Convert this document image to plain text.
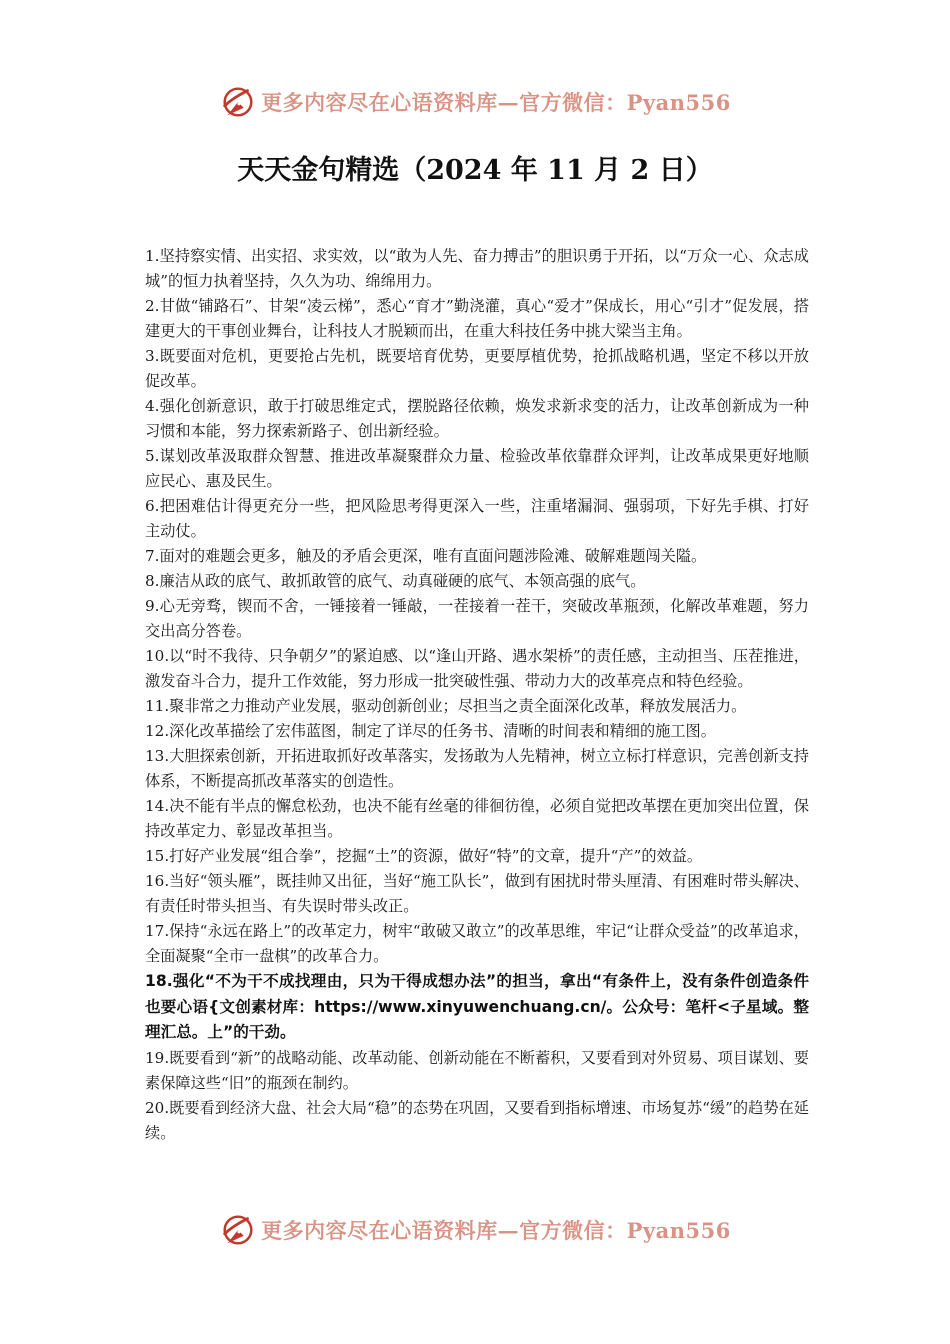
更多内容尽在心语资料库—官方微信：Pyan556
天天金句精选（2024 年 11 月 2 日）
1.坚持察实情、出实招、求实效，以“敢为人先、奋力搏击”的胆识勇于开拓，以“万众一心、众志成城”的恒力执着坚持，久久为功、绵绵用力。
2.甘做“铺路石”、甘架“凌云梯”，悉心“育才”勤浇灌，真心“爱才”保成长，用心“引才”促发展，搭建更大的干事创业舞台，让科技人才脱颖而出，在重大科技任务中挑大梁当主角。
3.既要面对危机，更要抢占先机，既要培育优势，更要厚植优势，抢抓战略机遇，坚定不移以开放促改革。
4.强化创新意识，敢于打破思维定式，摆脱路径依赖，焕发求新求变的活力，让改革创新成为一种习惯和本能，努力探索新路子、创出新经验。
5.谋划改革汲取群众智慧、推进改革凝聚群众力量、检验改革依靠群众评判，让改革成果更好地顺应民心、惠及民生。
6.把困难估计得更充分一些，把风险思考得更深入一些，注重堵漏洞、强弱项，下好先手棋、打好主动仗。
7.面对的难题会更多，触及的矛盾会更深，唯有直面问题涉险滩、破解难题闯关隘。
8.廉洁从政的底气、敢抓敢管的底气、动真碰硬的底气、本领高强的底气。
9.心无旁骛，锲而不舍，一锤接着一锤敲，一茬接着一茬干，突破改革瓶颈，化解改革难题，努力交出高分答卷。
10.以“时不我待、只争朝夕”的紧迫感、以“逢山开路、遇水架桥”的责任感，主动担当、压茬推进，激发奋斗合力，提升工作效能，努力形成一批突破性强、带动力大的改革亮点和特色经验。
11.聚非常之力推动产业发展，驱动创新创业；尽担当之责全面深化改革，释放发展活力。
12.深化改革描绘了宏伟蓝图，制定了详尽的任务书、清晰的时间表和精细的施工图。
13.大胆探索创新，开拓进取抓好改革落实，发扬敢为人先精神，树立立标打样意识，完善创新支持体系，不断提高抓改革落实的创造性。
14.决不能有半点的懈怠松劲，也决不能有丝毫的徘徊彷徨，必须自觉把改革摆在更加突出位置，保持改革定力、彰显改革担当。
15.打好产业发展“组合拳”，挖掘“土”的资源，做好“特”的文章，提升“产”的效益。
16.当好“领头雁”，既挂帅又出征，当好“施工队长”，做到有困扰时带头厘清、有困难时带头解决、有责任时带头担当、有失误时带头改正。
17.保持“永远在路上”的改革定力，树牢“敢破又敢立”的改革思维，牢记“让群众受益”的改革追求，全面凝聚“全市一盘棋”的改革合力。
18.强化“不为干不成找理由，只为干得成想办法”的担当，拿出“有条件上，没有条件创造条件也要心语{文创素材库：https://www.xinyuwenchuang.cn/。公众号：笔杆<子星域。整理汇总。上”的干劲。
19.既要看到“新”的战略动能、改革动能、创新动能在不断蓄积，又要看到对外贸易、项目谋划、要素保障这些“旧”的瓶颈在制约。
20.既要看到经济大盘、社会大局“稳”的态势在巩固，又要看到指标增速、市场复苏“缓”的趋势在延续。
更多内容尽在心语资料库—官方微信：Pyan556
